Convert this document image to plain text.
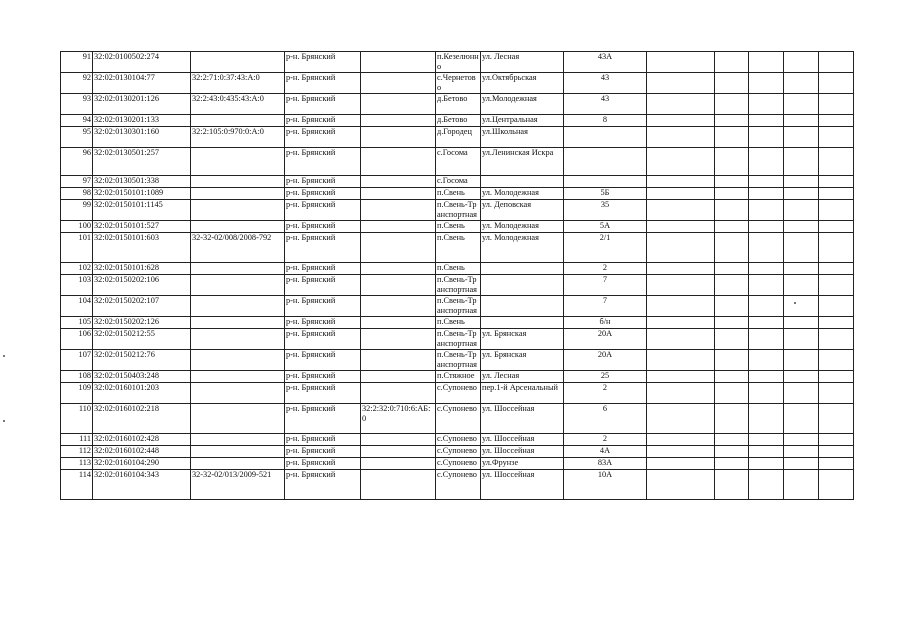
91	32:02:0100502:274		р-н. Брянский		п.Кезелюнно	ул. Лесная	43А					
92	32:02:0130104:77	32:2:71:0:37:43:А:0	р-н. Брянский		с.Чернетово	ул.Октябрьская	43					
93	32:02:0130201:126	32:2:43:0:435:43:А:0	р-н. Брянский		д.Бетово	ул.Молодежная	43					
94	32:02:0130201:133		р-н. Брянский		д.Бетово	ул.Центральная	8					
95	32:02:0130301:160	32:2:105:0:970:0:А:0	р-н. Брянский		д.Городец	ул.Школьная						
96	32:02:0130501:257		р-н. Брянский		с.Госома	ул.Ленинская Искра						
97	32:02:0130501:338		р-н. Брянский		с.Госома							
98	32:02:0150101:1089		р-н. Брянский		п.Свень	ул. Молодежная	5Б					
99	32:02:0150101:1145		р-н. Брянский		п.Свень-Транспортная	ул. Деповская	35					
100	32:02:0150101:527		р-н. Брянский		п.Свень	ул. Молодежная	5А					
101	32:02:0150101:603	32-32-02/008/2008-792	р-н. Брянский		п.Свень	ул. Молодежная	2/1					
102	32:02:0150101:628		р-н. Брянский		п.Свень		2					
103	32:02:0150202:106		р-н. Брянский		п.Свень-Транспортная		7					
104	32:02:0150202:107		р-н. Брянский		п.Свень-Транспортная		7					
105	32:02:0150202:126		р-н. Брянский		п.Свень		б/н					
106	32:02:0150212:55		р-н. Брянский		п.Свень-Транспортная	ул. Брянская	20А					
107	32:02:0150212:76		р-н. Брянский		п.Свень-Транспортная	ул. Брянская	20А					
108	32:02:0150403:248		р-н. Брянский		п.Стяжное	ул. Лесная	25					
109	32:02:0160101:203		р-н. Брянский		с.Супонево	пер.1-й Арсенальный	2					
110	32:02:0160102:218		р-н. Брянский	32:2:32:0:710:6:АБ:0	с.Супонево	ул. Шоссейная	6					
111	32:02:0160102:428		р-н. Брянский		с.Супонево	ул. Шоссейная	2					
112	32:02:0160102:448		р-н. Брянский		с.Супонево	ул. Шоссейная	4А					
113	32:02:0160104:290		р-н. Брянский		с.Супонево	ул.Фрунзе	83А					
114	32:02:0160104:343	32-32-02/013/2009-521	р-н. Брянский		с.Супонево	ул. Шоссейная	10А					
